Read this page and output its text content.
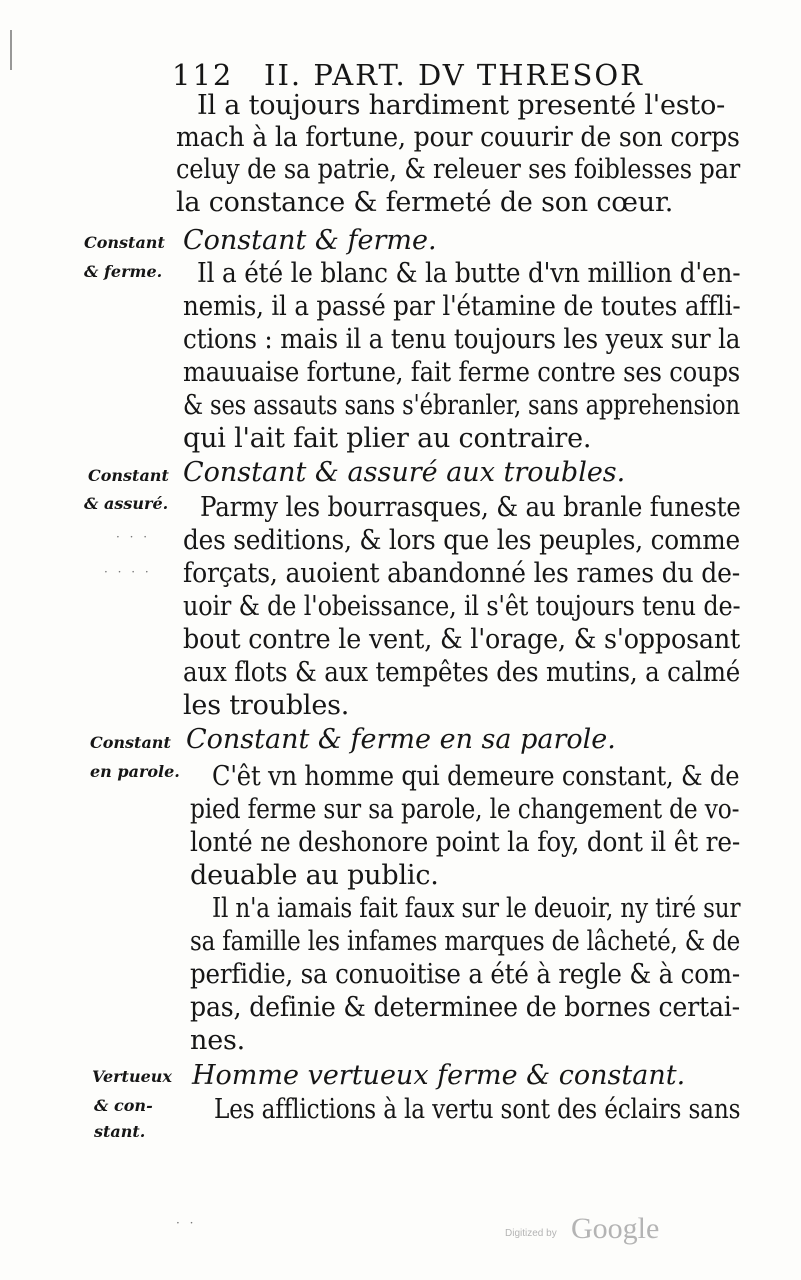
112 II. PART. DV THRESOR
Il a toujours hardiment presenté l'esto-
mach à la fortune, pour couurir de son corps
celuy de sa patrie, & releuer ses foiblesses par
la constance & fermeté de son cœur.
Constant
& ferme.
Constant & ferme.
Il a été le blanc & la butte d'vn million d'en-
nemis, il a passé par l'étamine de toutes affli-
ctions : mais il a tenu toujours les yeux sur la
mauuaise fortune, fait ferme contre ses coups
& ses assauts sans s'ébranler, sans apprehension
qui l'ait fait plier au contraire.
Constant
& assuré.
· · ·
· · · ·
Constant & assuré aux troubles.
Parmy les bourrasques, & au branle funeste
des seditions, & lors que les peuples, comme
forçats, auoient abandonné les rames du de-
uoir & de l'obeissance, il s'êt toujours tenu de-
bout contre le vent, & l'orage, & s'opposant
aux flots & aux tempêtes des mutins, a calmé
les troubles.
Constant
en parole.
Constant & ferme en sa parole.
C'êt vn homme qui demeure constant, & de
pied ferme sur sa parole, le changement de vo-
lonté ne deshonore point la foy, dont il êt re-
deuable au public.
Il n'a iamais fait faux sur le deuoir, ny tiré sur
sa famille les infames marques de lâcheté, & de
perfidie, sa conuoitise a été à regle & à com-
pas, definie & determinee de bornes certai-
nes.
Vertueux
& con-
stant.
Homme vertueux ferme & constant.
Les afflictions à la vertu sont des éclairs sans
· ·
Digitized by Google
